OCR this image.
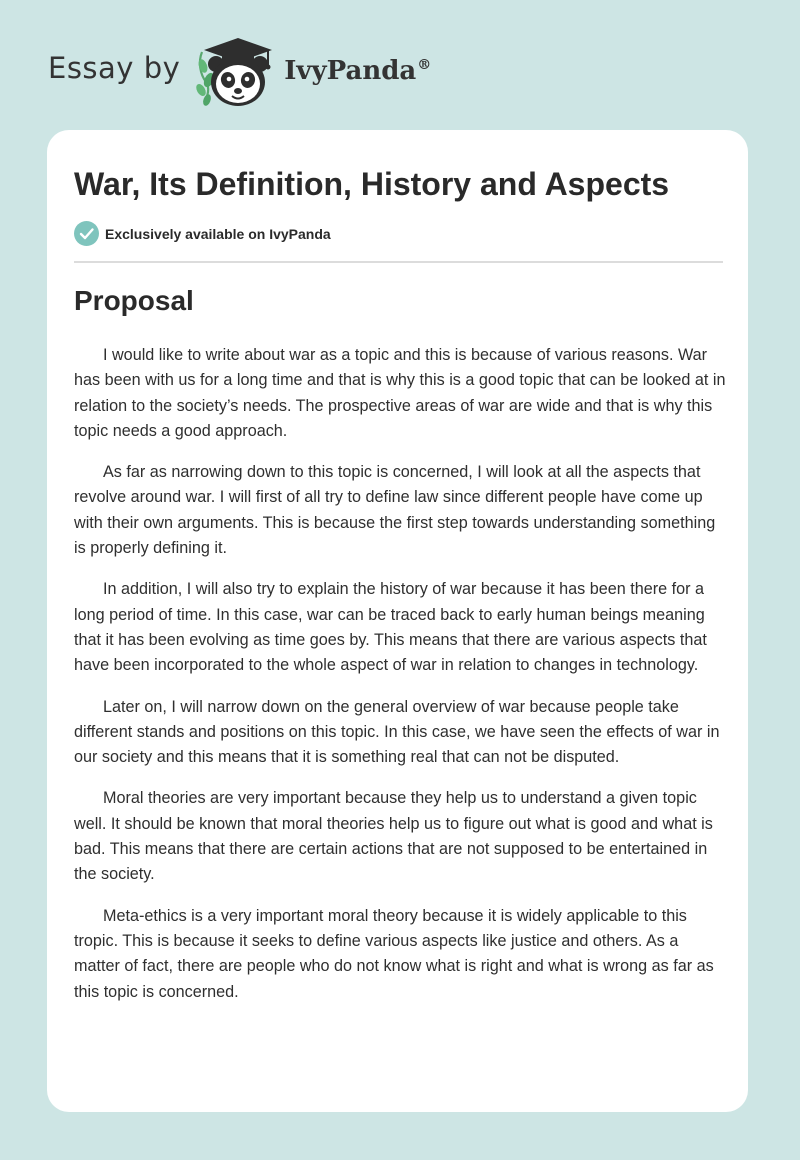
Essay by	IvyPanda®
War, Its Definition, History and Aspects
Exclusively available on IvyPanda
Proposal

I would like to write about war as a topic and this is because of various reasons. War has been with us for a long time and that is why this is a good topic that can be looked at in relation to the society’s needs. The prospective areas of war are wide and that is why this topic needs a good approach.

As far as narrowing down to this topic is concerned, I will look at all the aspects that revolve around war. I will first of all try to define law since different people have come up with their own arguments. This is because the first step towards understanding something is properly defining it.

In addition, I will also try to explain the history of war because it has been there for a long period of time. In this case, war can be traced back to early human beings meaning that it has been evolving as time goes by. This means that there are various aspects that have been incorporated to the whole aspect of war in relation to changes in technology.

Later on, I will narrow down on the general overview of war because people take different stands and positions on this topic. In this case, we have seen the effects of war in our society and this means that it is something real that can not be disputed.

Moral theories are very important because they help us to understand a given topic well. It should be known that moral theories help us to figure out what is good and what is bad. This means that there are certain actions that are not supposed to be entertained in the society.

Meta-ethics is a very important moral theory because it is widely applicable to this tropic. This is because it seeks to define various aspects like justice and others. As a matter of fact, there are people who do not know what is right and what is wrong as far as this topic is concerned.
